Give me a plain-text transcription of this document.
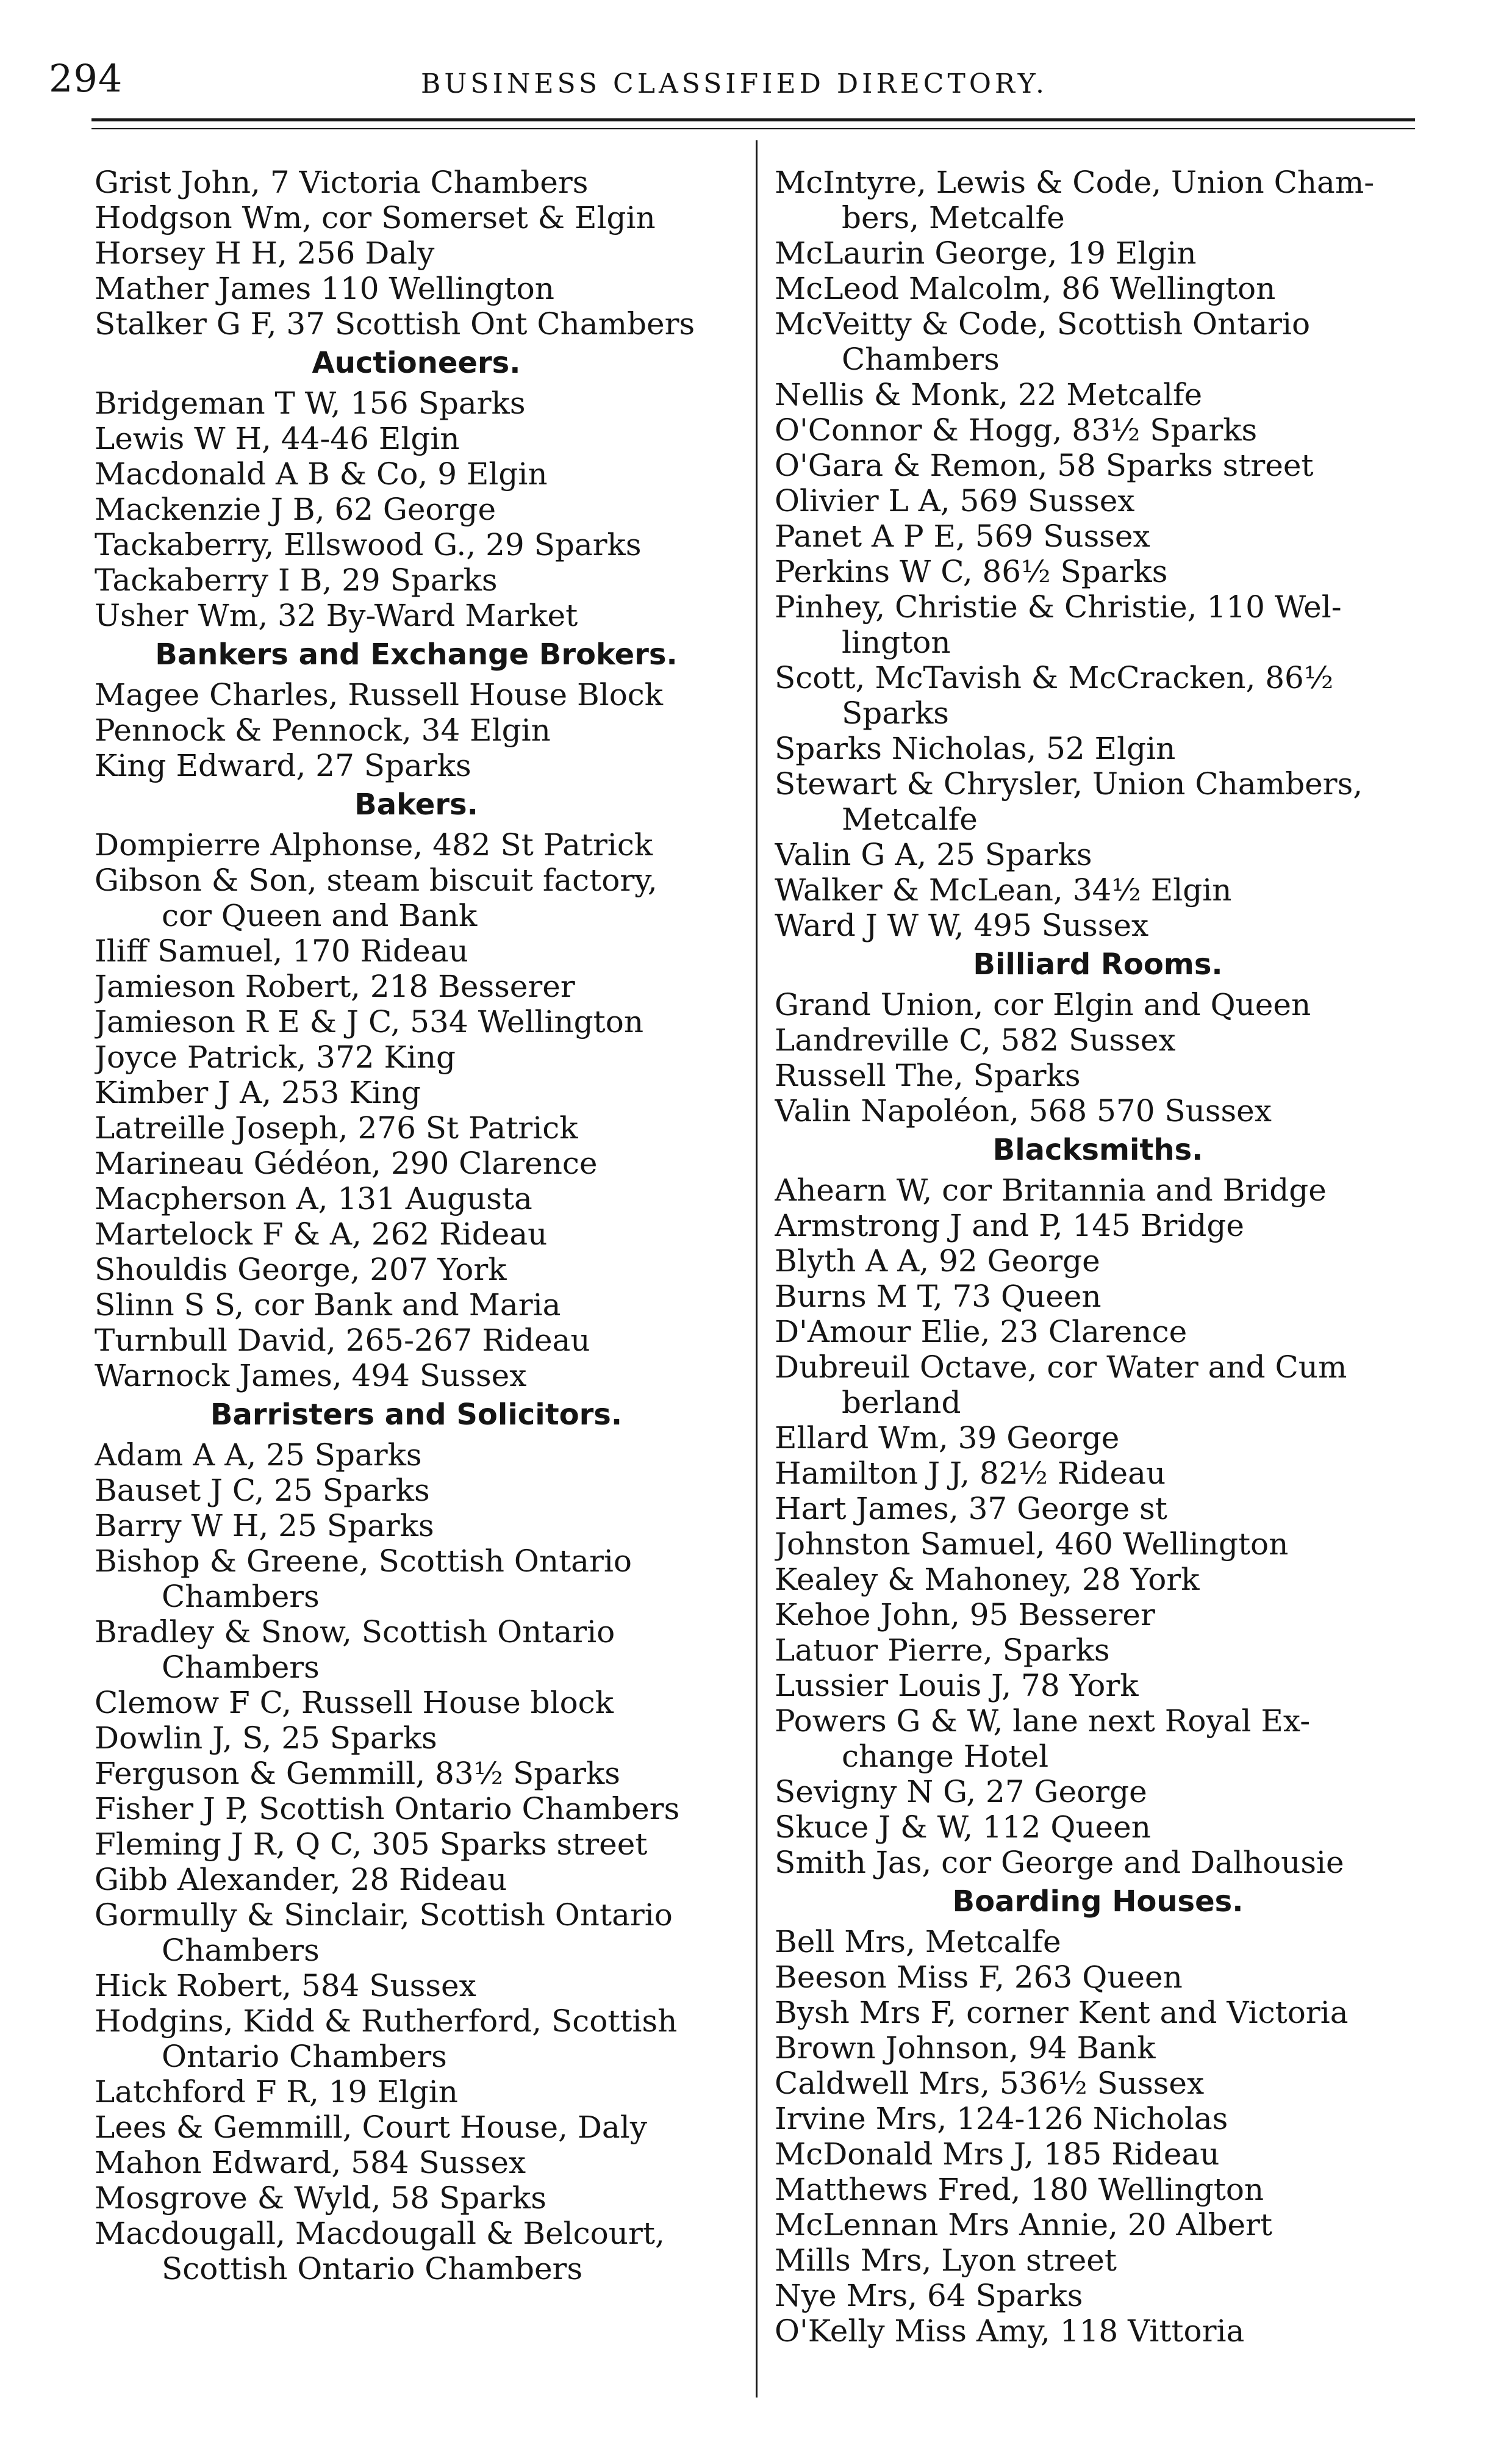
294	BUSINESS CLASSIFIED DIRECTORY.
Grist John, 7 Victoria Chambers
Hodgson Wm, cor Somerset & Elgin
Horsey H H, 256 Daly
Mather James 110 Wellington
Stalker G F, 37 Scottish Ont Chambers
Auctioneers.
Bridgeman T W, 156 Sparks
Lewis W H, 44-46 Elgin
Macdonald A B & Co, 9 Elgin
Mackenzie J B, 62 George
Tackaberry, Ellswood G., 29 Sparks
Tackaberry I B, 29 Sparks
Usher Wm, 32 By-Ward Market
Bankers and Exchange Brokers.
Magee Charles, Russell House Block
Pennock & Pennock, 34 Elgin
King Edward, 27 Sparks
Bakers.
Dompierre Alphonse, 482 St Patrick
Gibson & Son, steam biscuit factory,
cor Queen and Bank
Iliff Samuel, 170 Rideau
Jamieson Robert, 218 Besserer
Jamieson R E & J C, 534 Wellington
Joyce Patrick, 372 King
Kimber J A, 253 King
Latreille Joseph, 276 St Patrick
Marineau Gédéon, 290 Clarence
Macpherson A, 131 Augusta
Martelock F & A, 262 Rideau
Shouldis George, 207 York
Slinn S S, cor Bank and Maria
Turnbull David, 265-267 Rideau
Warnock James, 494 Sussex
Barristers and Solicitors.
Adam A A, 25 Sparks
Bauset J C, 25 Sparks
Barry W H, 25 Sparks
Bishop & Greene, Scottish Ontario
Chambers
Bradley & Snow, Scottish Ontario
Chambers
Clemow F C, Russell House block
Dowlin J, S, 25 Sparks
Ferguson & Gemmill, 83½ Sparks
Fisher J P, Scottish Ontario Chambers
Fleming J R, Q C, 305 Sparks street
Gibb Alexander, 28 Rideau
Gormully & Sinclair, Scottish Ontario
Chambers
Hick Robert, 584 Sussex
Hodgins, Kidd & Rutherford, Scottish
Ontario Chambers
Latchford F R, 19 Elgin
Lees & Gemmill, Court House, Daly
Mahon Edward, 584 Sussex
Mosgrove & Wyld, 58 Sparks
Macdougall, Macdougall & Belcourt,
Scottish Ontario Chambers
McIntyre, Lewis & Code, Union Cham-
bers, Metcalfe
McLaurin George, 19 Elgin
McLeod Malcolm, 86 Wellington
McVeitty & Code, Scottish Ontario
Chambers
Nellis & Monk, 22 Metcalfe
O'Connor & Hogg, 83½ Sparks
O'Gara & Remon, 58 Sparks street
Olivier L A, 569 Sussex
Panet A P E, 569 Sussex
Perkins W C, 86½ Sparks
Pinhey, Christie & Christie, 110 Wel-
lington
Scott, McTavish & McCracken, 86½
Sparks
Sparks Nicholas, 52 Elgin
Stewart & Chrysler, Union Chambers,
Metcalfe
Valin G A, 25 Sparks
Walker & McLean, 34½ Elgin
Ward J W W, 495 Sussex
Billiard Rooms.
Grand Union, cor Elgin and Queen
Landreville C, 582 Sussex
Russell The, Sparks
Valin Napoléon, 568 570 Sussex
Blacksmiths.
Ahearn W, cor Britannia and Bridge
Armstrong J and P, 145 Bridge
Blyth A A, 92 George
Burns M T, 73 Queen
D'Amour Elie, 23 Clarence
Dubreuil Octave, cor Water and Cum
berland
Ellard Wm, 39 George
Hamilton J J, 82½ Rideau
Hart James, 37 George st
Johnston Samuel, 460 Wellington
Kealey & Mahoney, 28 York
Kehoe John, 95 Besserer
Latuor Pierre, Sparks
Lussier Louis J, 78 York
Powers G & W, lane next Royal Ex-
change Hotel
Sevigny N G, 27 George
Skuce J & W, 112 Queen
Smith Jas, cor George and Dalhousie
Boarding Houses.
Bell Mrs, Metcalfe
Beeson Miss F, 263 Queen
Bysh Mrs F, corner Kent and Victoria
Brown Johnson, 94 Bank
Caldwell Mrs, 536½ Sussex
Irvine Mrs, 124-126 Nicholas
McDonald Mrs J, 185 Rideau
Matthews Fred, 180 Wellington
McLennan Mrs Annie, 20 Albert
Mills Mrs, Lyon street
Nye Mrs, 64 Sparks
O'Kelly Miss Amy, 118 Vittoria
